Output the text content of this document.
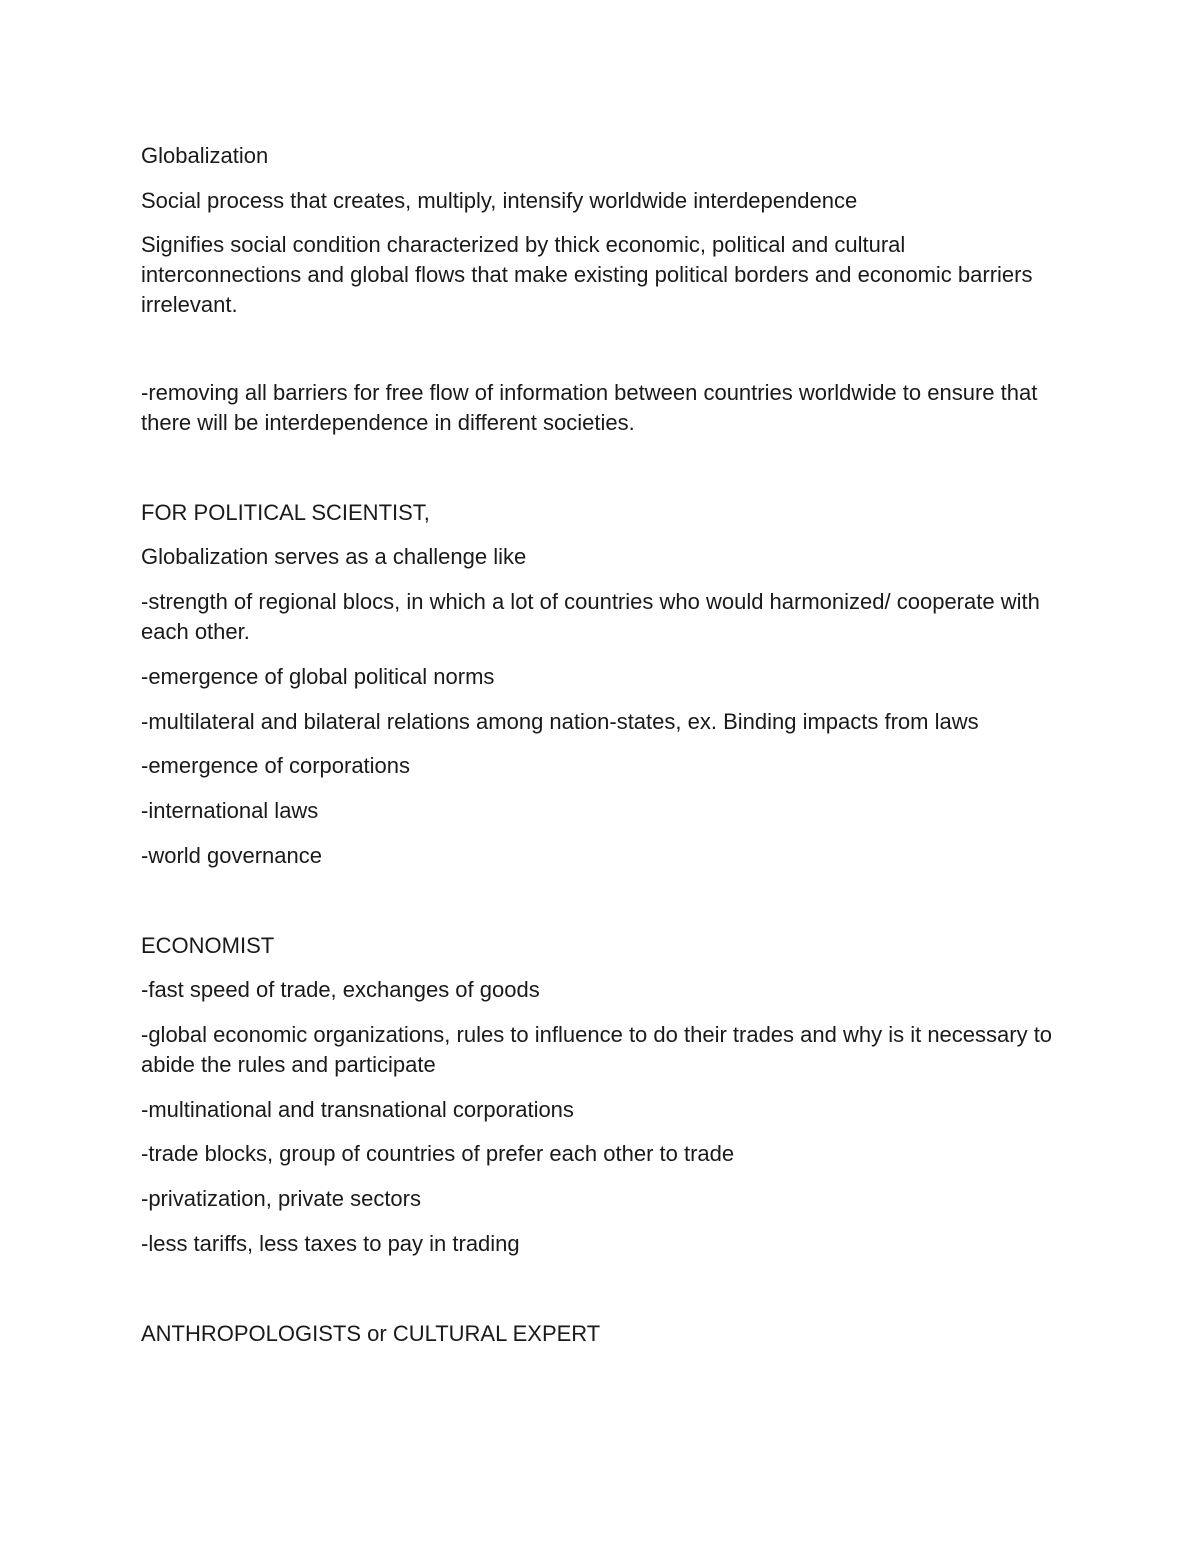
Globalization

Social process that creates, multiply, intensify worldwide interdependence

Signifies social condition characterized by thick economic, political and cultural interconnections and global flows that make existing political borders and economic barriers irrelevant.

-removing all barriers for free flow of information between countries worldwide to ensure that there will be interdependence in different societies.

FOR POLITICAL SCIENTIST,

Globalization serves as a challenge like

-strength of regional blocs, in which a lot of countries who would harmonized/ cooperate with each other.

-emergence of global political norms

-multilateral and bilateral relations among nation-states, ex. Binding impacts from laws

-emergence of corporations

-international laws

-world governance

ECONOMIST

-fast speed of trade, exchanges of goods

-global economic organizations, rules to influence to do their trades and why is it necessary to abide the rules and participate

-multinational and transnational corporations

-trade blocks, group of countries of prefer each other to trade

-privatization, private sectors

-less tariffs, less taxes to pay in trading

ANTHROPOLOGISTS or CULTURAL EXPERT
